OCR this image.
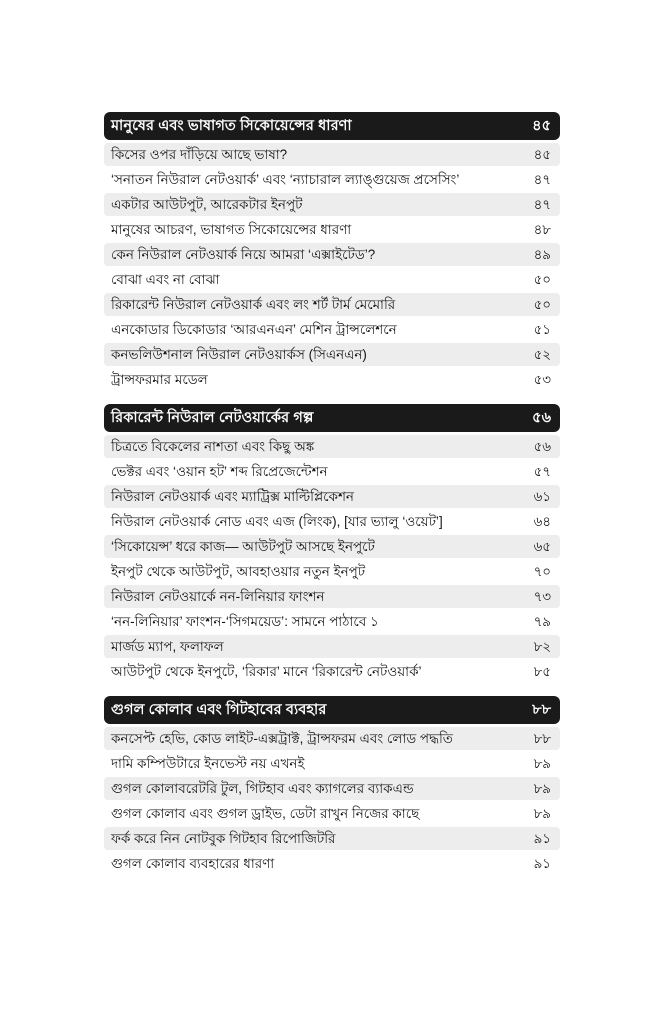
মানুষের এবং ভাষাগত সিকোয়েন্সের ধারণা	৪৫
কিসের ওপর দাঁড়িয়ে আছে ভাষা?	৪৫
‘সনাতন নিউরাল নেটওয়ার্ক’ এবং ‘ন্যাচারাল ল্যাঙ্গুয়েজ প্রসেসিং’	৪৭
একটার আউটপুট, আরেকটার ইনপুট	৪৭
মানুষের আচরণ, ভাষাগত সিকোয়েন্সের ধারণা	৪৮
কেন নিউরাল নেটওয়ার্ক নিয়ে আমরা ‘এক্সাইটেড’?	৪৯
বোঝা এবং না বোঝা	৫০
রিকারেন্ট নিউরাল নেটওয়ার্ক এবং লং শর্ট টার্ম মেমোরি	৫০
এনকোডার ডিকোডার ‘আরএনএন’ মেশিন ট্রান্সলেশনে	৫১
কনভলিউশনাল নিউরাল নেটওয়ার্কস (সিএনএন)	৫২
ট্রান্সফরমার মডেল	৫৩
রিকারেন্ট নিউরাল নেটওয়ার্কের গল্প	৫৬
চিত্রতে বিকেলের নাশতা এবং কিছু অঙ্ক	৫৬
ভেক্টর এবং ‘ওয়ান হট’ শব্দ রিপ্রেজেন্টেশন	৫৭
নিউরাল নেটওয়ার্ক এবং ম্যাট্রিক্স মাল্টিপ্লিকেশন	৬১
নিউরাল নেটওয়ার্ক নোড এবং এজ (লিংক), [যার ভ্যালু ‘ওয়েট’]	৬৪
‘সিকোয়েন্স’ ধরে কাজ— আউটপুট আসছে ইনপুটে	৬৫
ইনপুট থেকে আউটপুট, আবহাওয়ার নতুন ইনপুট	৭০
নিউরাল নেটওয়ার্কে নন-লিনিয়ার ফাংশন	৭৩
‘নন-লিনিয়ার’ ফাংশন-‘সিগময়েড’: সামনে পাঠাবে ১	৭৯
মার্জড ম্যাপ, ফলাফল	৮২
আউটপুট থেকে ইনপুটে, ‘রিকার’ মানে ‘রিকারেন্ট নেটওয়ার্ক’	৮৫
গুগল কোলাব এবং গিটহাবের ব্যবহার	৮৮
কনসেপ্ট হেভি, কোড লাইট-এক্সট্রাক্ট, ট্রান্সফরম এবং লোড পদ্ধতি	৮৮
দামি কম্পিউটারে ইনভেস্ট নয় এখনই	৮৯
গুগল কোলাবরেটরি টুল, গিটহাব এবং ক্যাগলের ব্যাকএন্ড	৮৯
গুগল কোলাব এবং গুগল ড্রাইভ, ডেটা রাখুন নিজের কাছে	৮৯
ফর্ক করে নিন নোটবুক গিটহাব রিপোজিটরি	৯১
গুগল কোলাব ব্যবহারের ধারণা	৯১
